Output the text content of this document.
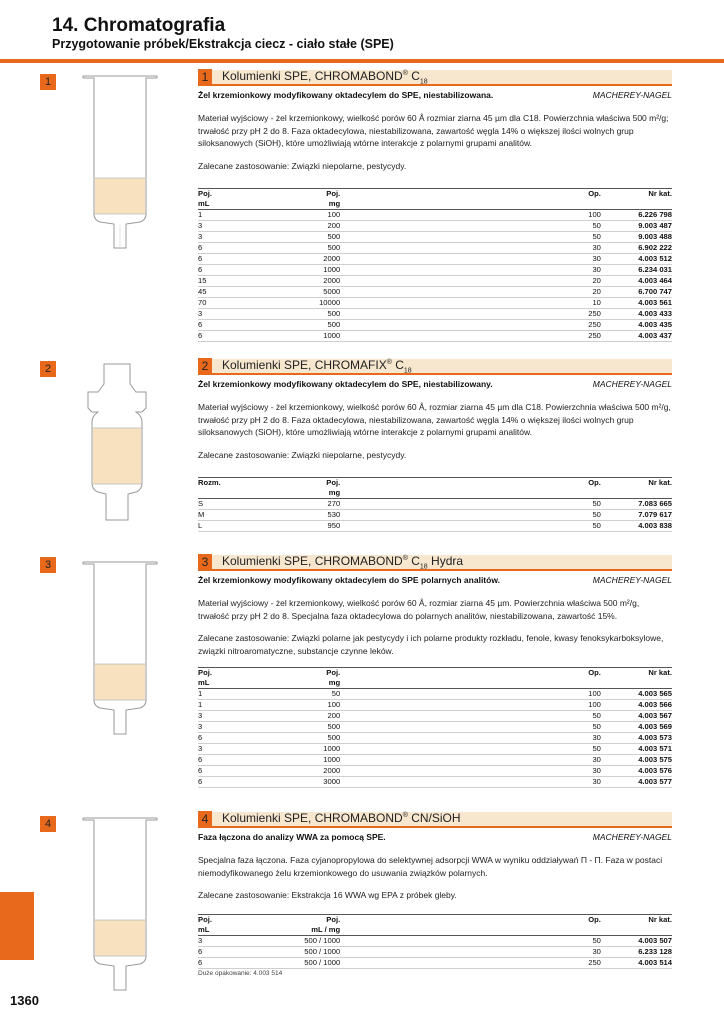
14. Chromatografia
Przygotowanie próbek/Ekstrakcja ciecz - ciało stałe (SPE)
1
2
3
4
1	Kolumienki SPE, CHROMABOND® $C_{18}$
Żel krzemionkowy modyfikowany oktadecylem do SPE, niestabilizowana.	MACHEREY-NAGEL
Materiał wyjściowy - żel krzemionkowy, wielkość porów 60 Å rozmiar ziarna 45 µm dla C18. Powierzchnia właściwa 500 m²/g; trwałość przy pH 2 do 8. Faza oktadecylowa, niestabilizowana, zawartość węgla 14% o większej ilości wolnych grup siloksanowych (SiOH), które umożliwiają wtórne interakcje z polarnymi grupami analitów.
Zalecane zastosowanie: Związki niepolarne, pestycydy.
Poj.	Poj.	Op.	Nr kat.
mL	mg		
1	100	100	6.226 798
3	200	50	9.003 487
3	500	50	9.003 488
6	500	30	6.902 222
6	2000	30	4.003 512
6	1000	30	6.234 031
15	2000	20	4.003 464
45	5000	20	6.700 747
70	10000	10	4.003 561
3	500	250	4.003 433
6	500	250	4.003 435
6	1000	250	4.003 437
2	Kolumienki SPE, CHROMAFIX® $C_{18}$
Żel krzemionkowy modyfikowany oktadecylem do SPE, niestabilizowany.	MACHEREY-NAGEL
Materiał wyjściowy - żel krzemionkowy, wielkość porów 60 Å, rozmiar ziarna 45 µm dla C18. Powierzchnia właściwa 500 m²/g, trwałość przy pH 2 do 8. Faza oktadecylowa, niestabilizowana, zawartość węgla 14% o większej ilości wolnych grup siloksanowych (SiOH), które umożliwiają wtórne interakcje z polarnymi grupami analitów.
Zalecane zastosowanie: Związki niepolarne, pestycydy.
Rozm.	Poj.	Op.	Nr kat.
	mg		
S	270	50	7.083 665
M	530	50	7.079 617
L	950	50	4.003 838
3	Kolumienki SPE, CHROMABOND® $C_{18}$ Hydra
Żel krzemionkowy modyfikowany oktadecylem do SPE polarnych analitów.	MACHEREY-NAGEL
Materiał wyjściowy - żel krzemionkowy, wielkość porów 60 Å, rozmiar ziarna 45 µm. Powierzchnia właściwa 500 m²/g, trwałość przy pH 2 do 8. Specjalna faza oktadecylowa do polarnych analitów, niestabilizowana, zawartość 15%.
Zalecane zastosowanie: Związki polarne jak pestycydy i ich polarne produkty rozkładu, fenole, kwasy fenoksykarboksylowe, związki nitroaromatyczne, substancje czynne leków.
Poj.	Poj.	Op.	Nr kat.
mL	mg		
1	50	100	4.003 565
1	100	100	4.003 566
3	200	50	4.003 567
3	500	50	4.003 569
6	500	30	4.003 573
3	1000	50	4.003 571
6	1000	30	4.003 575
6	2000	30	4.003 576
6	3000	30	4.003 577
4	Kolumienki SPE, CHROMABOND® CN/SiOH
Faza łączona do analizy WWA za pomocą SPE.	MACHEREY-NAGEL
Specjalna faza łączona. Faza cyjanopropylowa do selektywnej adsorpcji WWA w wyniku oddziaływań Π - Π. Faza w postaci niemodyfikowanego żelu krzemionkowego do usuwania związków polarnych.
Zalecane zastosowanie: Ekstrakcja 16 WWA wg EPA z próbek gleby.
Poj.	Poj.	Op.	Nr kat.
mL	mL / mg		
3	500 / 1000	50	4.003 507
6	500 / 1000	30	6.233 128
6	500 / 1000	250	4.003 514
Duże opakowanie: 4.003 514
1360
